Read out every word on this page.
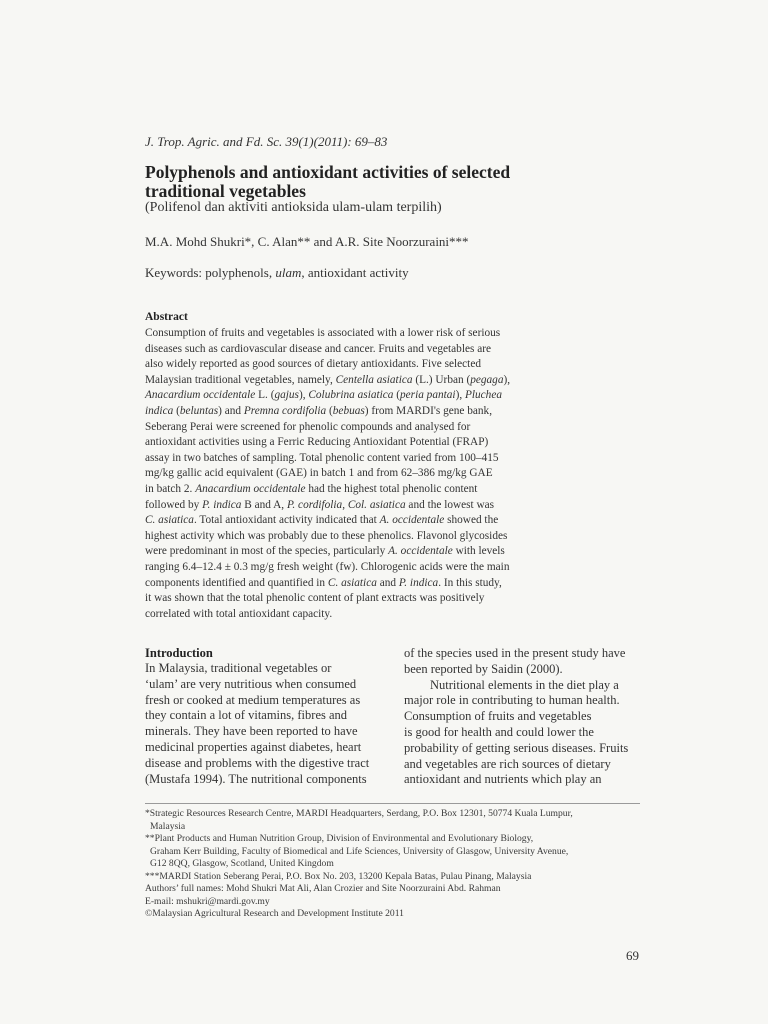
J. Trop. Agric. and Fd. Sc. 39(1)(2011): 69–83
Polyphenols and antioxidant activities of selected
traditional vegetables
(Polifenol dan aktiviti antioksida ulam-ulam terpilih)
M.A. Mohd Shukri*, C. Alan** and A.R. Site Noorzuraini***
Keywords: polyphenols, ulam, antioxidant activity
Abstract
Consumption of fruits and vegetables is associated with a lower risk of serious
diseases such as cardiovascular disease and cancer. Fruits and vegetables are
also widely reported as good sources of dietary antioxidants. Five selected
Malaysian traditional vegetables, namely, Centella asiatica (L.) Urban (pegaga),
Anacardium occidentale L. (gajus), Colubrina asiatica (peria pantai), Pluchea
indica (beluntas) and Premna cordifolia (bebuas) from MARDI's gene bank,
Seberang Perai were screened for phenolic compounds and analysed for
antioxidant activities using a Ferric Reducing Antioxidant Potential (FRAP)
assay in two batches of sampling. Total phenolic content varied from 100–415
mg/kg gallic acid equivalent (GAE) in batch 1 and from 62–386 mg/kg GAE
in batch 2. Anacardium occidentale had the highest total phenolic content
followed by P. indica B and A, P. cordifolia, Col. asiatica and the lowest was
C. asiatica. Total antioxidant activity indicated that A. occidentale showed the
highest activity which was probably due to these phenolics. Flavonol glycosides
were predominant in most of the species, particularly A. occidentale with levels
ranging 6.4–12.4 ± 0.3 mg/g fresh weight (fw). Chlorogenic acids were the main
components identified and quantified in C. asiatica and P. indica. In this study,
it was shown that the total phenolic content of plant extracts was positively
correlated with total antioxidant capacity.
Introduction
In Malaysia, traditional vegetables or
‘ulam’ are very nutritious when consumed
fresh or cooked at medium temperatures as
they contain a lot of vitamins, fibres and
minerals. They have been reported to have
medicinal properties against diabetes, heart
disease and problems with the digestive tract
(Mustafa 1994). The nutritional components
of the species used in the present study have
been reported by Saidin (2000).
Nutritional elements in the diet play a
major role in contributing to human health.
Consumption of fruits and vegetables
is good for health and could lower the
probability of getting serious diseases. Fruits
and vegetables are rich sources of dietary
antioxidant and nutrients which play an
*Strategic Resources Research Centre, MARDI Headquarters, Serdang, P.O. Box 12301, 50774 Kuala Lumpur,
Malaysia
**Plant Products and Human Nutrition Group, Division of Environmental and Evolutionary Biology,
Graham Kerr Building, Faculty of Biomedical and Life Sciences, University of Glasgow, University Avenue,
G12 8QQ, Glasgow, Scotland, United Kingdom
***MARDI Station Seberang Perai, P.O. Box No. 203, 13200 Kepala Batas, Pulau Pinang, Malaysia
Authors’ full names: Mohd Shukri Mat Ali, Alan Crozier and Site Noorzuraini Abd. Rahman
E-mail: mshukri@mardi.gov.my
©Malaysian Agricultural Research and Development Institute 2011
69
